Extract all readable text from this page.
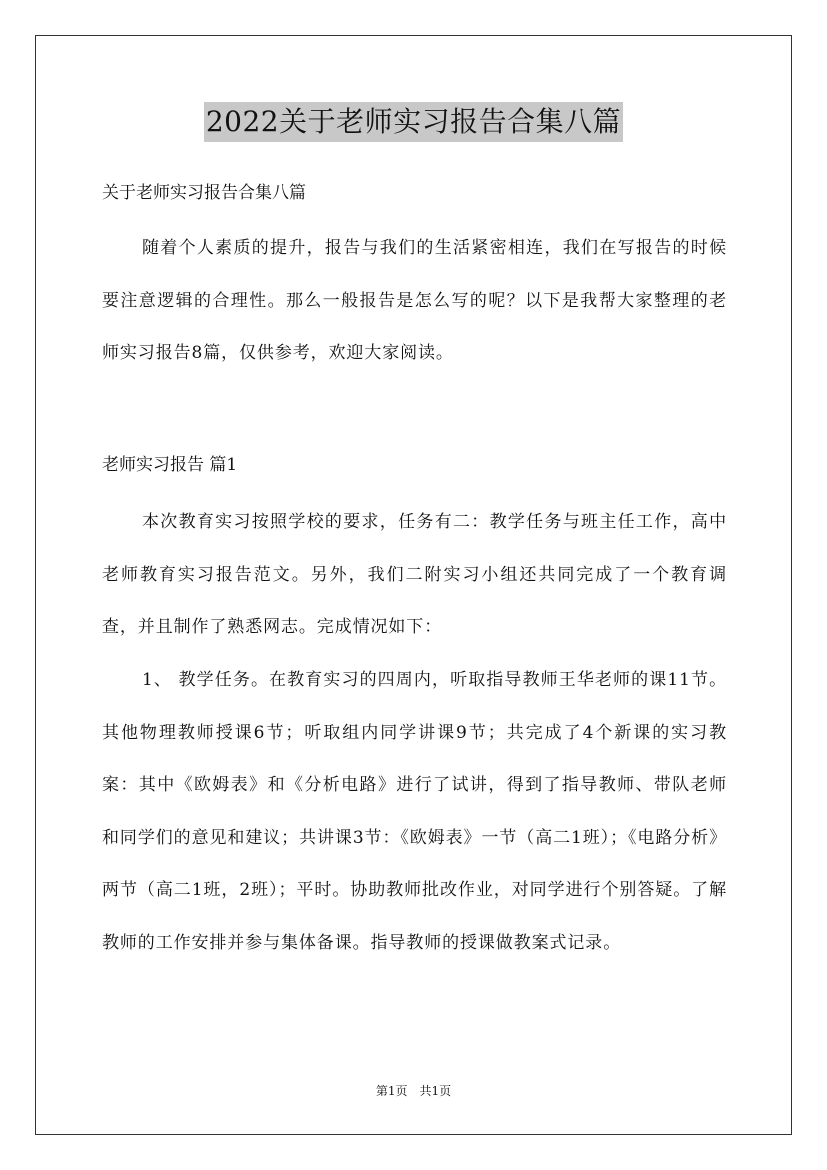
2022关于老师实习报告合集八篇
关于老师实习报告合集八篇
随着个人素质的提升，报告与我们的生活紧密相连，我们在写报告的时候要注意逻辑的合理性。那么一般报告是怎么写的呢？以下是我帮大家整理的老师实习报告8篇，仅供参考，欢迎大家阅读。
老师实习报告 篇1
本次教育实习按照学校的要求，任务有二：教学任务与班主任工作，高中老师教育实习报告范文。另外，我们二附实习小组还共同完成了一个教育调查，并且制作了熟悉网志。完成情况如下：
1、 教学任务。在教育实习的四周内，听取指导教师王华老师的课11节。其他物理教师授课6节；听取组内同学讲课9节；共完成了4个新课的实习教案：其中《欧姆表》和《分析电路》进行了试讲，得到了指导教师、带队老师和同学们的意见和建议；共讲课3节：《欧姆表》一节（高二1班）；《电路分析》两节（高二1班，2班）；平时。协助教师批改作业，对同学进行个别答疑。了解教师的工作安排并参与集体备课。指导教师的授课做教案式记录。
第1页　共1页
